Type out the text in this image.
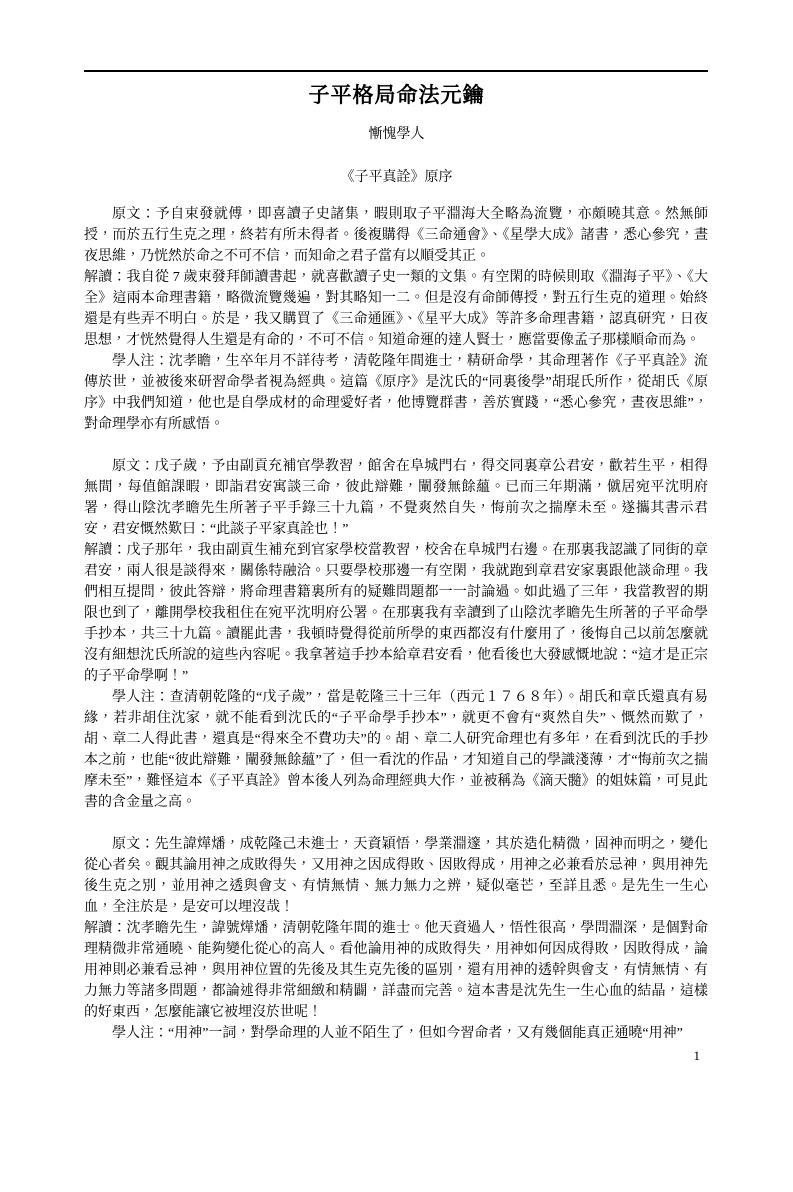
子平格局命法元鑰
慚愧學人
《子平真詮》原序

原文：予自束發就傅，即喜讀子史諸集，暇則取子平淵海大全略為流覽，亦頗曉其意。然無師授，而於五行生克之理，終若有所未得者。後複購得《三命通會》、《星學大成》諸書，悉心參究，晝夜思維，乃恍然於命之不可不信，而知命之君子當有以順受其正。

解讀：我自從 7 歲束發拜師讀書起，就喜歡讀子史一類的文集。有空閑的時候則取《淵海子平》、《大全》這兩本命理書籍，略微流覽幾遍，對其略知一二。但是沒有命師傳授，對五行生克的道理。始終還是有些弄不明白。於是，我又購買了《三命通匯》、《星平大成》等許多命理書籍，認真研究，日夜思想，才恍然覺得人生還是有命的，不可不信。知道命運的達人賢士，應當要像孟子那樣順命而為。

學人注：沈孝瞻，生卒年月不詳待考，清乾隆年間進士，精研命學，其命理著作《子平真詮》流傳於世，並被後來研習命學者視為經典。這篇《原序》是沈氏的“同裏後學”胡琨氏所作，從胡氏《原序》中我們知道，他也是自學成材的命理愛好者，他博覽群書，善於實踐，“悉心參究，晝夜思維”，對命理學亦有所感悟。

原文：戊子歲，予由副貢充補官學教習，館舍在阜城門右，得交同裏章公君安，歡若生平，相得無間，每值館課暇，即詣君安寓談三命，彼此辯難，闡發無餘蘊。已而三年期滿，僦居宛平沈明府署，得山陰沈孝瞻先生所著子平手錄三十九篇，不覺爽然自失，悔前次之揣摩未至。遂攜其書示君安，君安慨然歎曰：“此談子平家真詮也！”

解讀：戊子那年，我由副貢生補充到官家學校當教習，校舍在阜城門右邊。在那裏我認識了同街的章君安，兩人很是談得來，關係特融洽。只要學校那邊一有空閑，我就跑到章君安家裏跟他談命理。我們相互提問，彼此答辯，將命理書籍裏所有的疑難問題都一一討論過。如此過了三年，我當教習的期限也到了，離開學校我租住在宛平沈明府公署。在那裏我有幸讀到了山陰沈孝瞻先生所著的子平命學手抄本，共三十九篇。讀罷此書，我頓時覺得從前所學的東西都沒有什麼用了，後悔自己以前怎麼就沒有細想沈氏所說的這些內容呢。我拿著這手抄本給章君安看，他看後也大發感慨地說：“這才是正宗的子平命學啊！”

學人注：查清朝乾隆的“戊子歲”，當是乾隆三十三年（西元１７６８年）。胡氏和章氏還真有易緣，若非胡住沈家，就不能看到沈氏的“子平命學手抄本”，就更不會有“爽然自失”、慨然而歎了，胡、章二人得此書，還真是“得來全不費功夫”的。胡、章二人研究命理也有多年，在看到沈氏的手抄本之前，也能“彼此辯難，闡發無餘蘊”了，但一看沈的作品，才知道自己的學識淺薄，才“悔前次之揣摩未至”，難怪這本《子平真詮》曾本後人列為命理經典大作，並被稱為《滴天髓》的姐妹篇，可見此書的含金量之高。

原文：先生諱燁燔，成乾隆己未進士，天資穎悟，學業淵邃，其於造化精微，固神而明之，變化從心者矣。觀其論用神之成敗得失，又用神之因成得敗、因敗得成，用神之必兼看於忌神，與用神先後生克之別，並用神之透與會支、有情無情、無力無力之辨，疑似毫芒，至詳且悉。是先生一生心血，全注於是，是安可以埋沒哉！

解讀：沈孝瞻先生，諱號燁燔，清朝乾隆年間的進士。他天資過人，悟性很高，學問淵深，是個對命理精微非常通曉、能夠變化從心的高人。看他論用神的成敗得失，用神如何因成得敗，因敗得成，論用神則必兼看忌神，與用神位置的先後及其生克先後的區別，還有用神的透幹與會支，有情無情、有力無力等諸多問題，都論述得非常細緻和精闢，詳盡而完善。這本書是沈先生一生心血的結晶，這樣的好東西，怎麼能讓它被埋沒於世呢！

學人注：“用神”一詞，對學命理的人並不陌生了，但如今習命者，又有幾個能真正通曉“用神”

1
